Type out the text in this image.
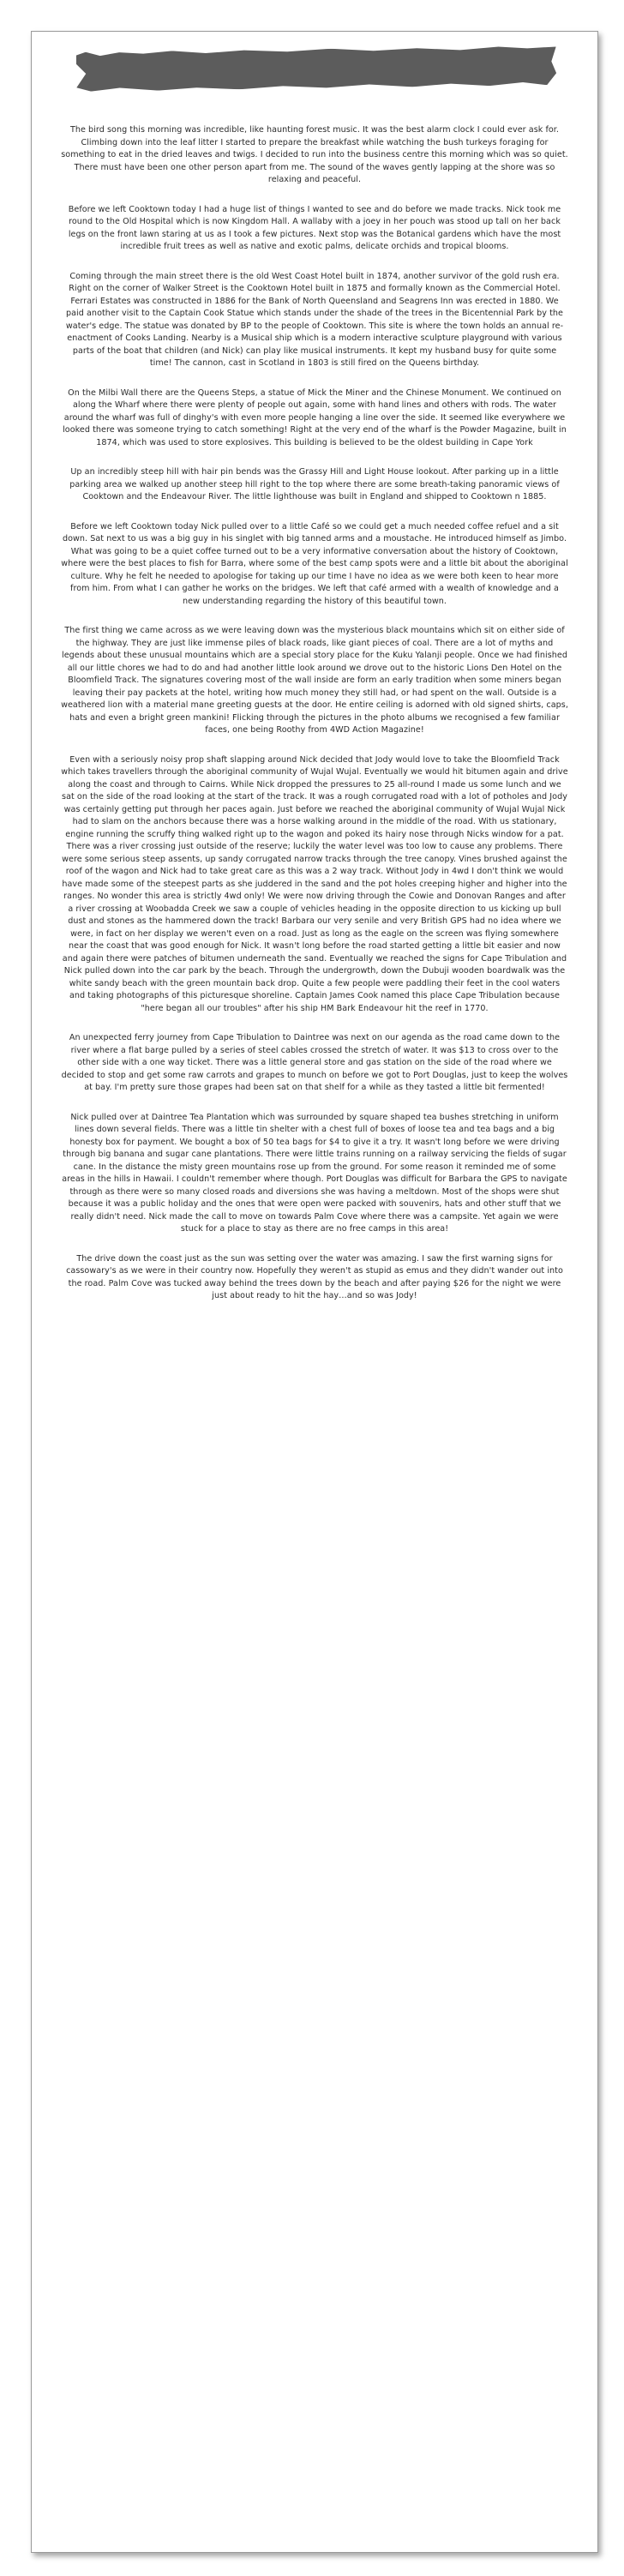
The bird song this morning was incredible, like haunting forest music. It was the best alarm clock I could ever ask for. Climbing down into the leaf litter I started to prepare the breakfast while watching the bush turkeys foraging for something to eat in the dried leaves and twigs. I decided to run into the business centre this morning which was so quiet. There must have been one other person apart from me. The sound of the waves gently lapping at the shore was so relaxing and peaceful.

Before we left Cooktown today I had a huge list of things I wanted to see and do before we made tracks. Nick took me round to the Old Hospital which is now Kingdom Hall. A wallaby with a joey in her pouch was stood up tall on her back legs on the front lawn staring at us as I took a few pictures. Next stop was the Botanical gardens which have the most incredible fruit trees as well as native and exotic palms, delicate orchids and tropical blooms.

Coming through the main street there is the old West Coast Hotel built in 1874, another survivor of the gold rush era. Right on the corner of Walker Street is the Cooktown Hotel built in 1875 and formally known as the Commercial Hotel. Ferrari Estates was constructed in 1886 for the Bank of North Queensland and Seagrens Inn was erected in 1880. We paid another visit to the Captain Cook Statue which stands under the shade of the trees in the Bicentennial Park by the water's edge. The statue was donated by BP to the people of Cooktown. This site is where the town holds an annual re-enactment of Cooks Landing. Nearby is a Musical ship which is a modern interactive sculpture playground with various parts of the boat that children (and Nick) can play like musical instruments. It kept my husband busy for quite some time! The cannon, cast in Scotland in 1803 is still fired on the Queens birthday.

On the Milbi Wall there are the Queens Steps, a statue of Mick the Miner and the Chinese Monument. We continued on along the Wharf where there were plenty of people out again, some with hand lines and others with rods. The water around the wharf was full of dinghy's with even more people hanging a line over the side. It seemed like everywhere we looked there was someone trying to catch something! Right at the very end of the wharf is the Powder Magazine, built in 1874, which was used to store explosives. This building is believed to be the oldest building in Cape York

Up an incredibly steep hill with hair pin bends was the Grassy Hill and Light House lookout. After parking up in a little parking area we walked up another steep hill right to the top where there are some breath-taking panoramic views of Cooktown and the Endeavour River. The little lighthouse was built in England and shipped to Cooktown n 1885.

Before we left Cooktown today Nick pulled over to a little Café so we could get a much needed coffee refuel and a sit down. Sat next to us was a big guy in his singlet with big tanned arms and a moustache. He introduced himself as Jimbo. What was going to be a quiet coffee turned out to be a very informative conversation about the history of Cooktown, where were the best places to fish for Barra, where some of the best camp spots were and a little bit about the aboriginal culture. Why he felt he needed to apologise for taking up our time I have no idea as we were both keen to hear more from him. From what I can gather he works on the bridges. We left that café armed with a wealth of knowledge and a new understanding regarding the history of this beautiful town.

The first thing we came across as we were leaving down was the mysterious black mountains which sit on either side of the highway. They are just like immense piles of black roads, like giant pieces of coal. There are a lot of myths and legends about these unusual mountains which are a special story place for the Kuku Yalanji people. Once we had finished all our little chores we had to do and had another little look around we drove out to the historic Lions Den Hotel on the Bloomfield Track. The signatures covering most of the wall inside are form an early tradition when some miners began leaving their pay packets at the hotel, writing how much money they still had, or had spent on the wall. Outside is a weathered lion with a material mane greeting guests at the door. He entire ceiling is adorned with old signed shirts, caps, hats and even a bright green mankini! Flicking through the pictures in the photo albums we recognised a few familiar faces, one being Roothy from 4WD Action Magazine!

Even with a seriously noisy prop shaft slapping around Nick decided that Jody would love to take the Bloomfield Track which takes travellers through the aboriginal community of Wujal Wujal. Eventually we would hit bitumen again and drive along the coast and through to Cairns. While Nick dropped the pressures to 25 all-round I made us some lunch and we sat on the side of the road looking at the start of the track. It was a rough corrugated road with a lot of potholes and Jody was certainly getting put through her paces again. Just before we reached the aboriginal community of Wujal Wujal Nick had to slam on the anchors because there was a horse walking around in the middle of the road. With us stationary, engine running the scruffy thing walked right up to the wagon and poked its hairy nose through Nicks window for a pat. There was a river crossing just outside of the reserve; luckily the water level was too low to cause any problems. There were some serious steep assents, up sandy corrugated narrow tracks through the tree canopy. Vines brushed against the roof of the wagon and Nick had to take great care as this was a 2 way track. Without Jody in 4wd I don't think we would have made some of the steepest parts as she juddered in the sand and the pot holes creeping higher and higher into the ranges. No wonder this area is strictly 4wd only! We were now driving through the Cowie and Donovan Ranges and after a river crossing at Woobadda Creek we saw a couple of vehicles heading in the opposite direction to us kicking up bull dust and stones as the hammered down the track! Barbara our very senile and very British GPS had no idea where we were, in fact on her display we weren't even on a road. Just as long as the eagle on the screen was flying somewhere near the coast that was good enough for Nick. It wasn't long before the road started getting a little bit easier and now and again there were patches of bitumen underneath the sand. Eventually we reached the signs for Cape Tribulation and Nick pulled down into the car park by the beach. Through the undergrowth, down the Dubuji wooden boardwalk was the white sandy beach with the green mountain back drop. Quite a few people were paddling their feet in the cool waters and taking photographs of this picturesque shoreline. Captain James Cook named this place Cape Tribulation because "here began all our troubles" after his ship HM Bark Endeavour hit the reef in 1770.

An unexpected ferry journey from Cape Tribulation to Daintree was next on our agenda as the road came down to the river where a flat barge pulled by a series of steel cables crossed the stretch of water. It was $13 to cross over to the other side with a one way ticket. There was a little general store and gas station on the side of the road where we decided to stop and get some raw carrots and grapes to munch on before we got to Port Douglas, just to keep the wolves at bay. I'm pretty sure those grapes had been sat on that shelf for a while as they tasted a little bit fermented!

Nick pulled over at Daintree Tea Plantation which was surrounded by square shaped tea bushes stretching in uniform lines down several fields. There was a little tin shelter with a chest full of boxes of loose tea and tea bags and a big honesty box for payment. We bought a box of 50 tea bags for $4 to give it a try. It wasn't long before we were driving through big banana and sugar cane plantations. There were little trains running on a railway servicing the fields of sugar cane. In the distance the misty green mountains rose up from the ground. For some reason it reminded me of some areas in the hills in Hawaii. I couldn't remember where though. Port Douglas was difficult for Barbara the GPS to navigate through as there were so many closed roads and diversions she was having a meltdown. Most of the shops were shut because it was a public holiday and the ones that were open were packed with souvenirs, hats and other stuff that we really didn't need. Nick made the call to move on towards Palm Cove where there was a campsite. Yet again we were stuck for a place to stay as there are no free camps in this area!

The drive down the coast just as the sun was setting over the water was amazing. I saw the first warning signs for cassowary's as we were in their country now. Hopefully they weren't as stupid as emus and they didn't wander out into the road. Palm Cove was tucked away behind the trees down by the beach and after paying $26 for the night we were just about ready to hit the hay…and so was Jody!
